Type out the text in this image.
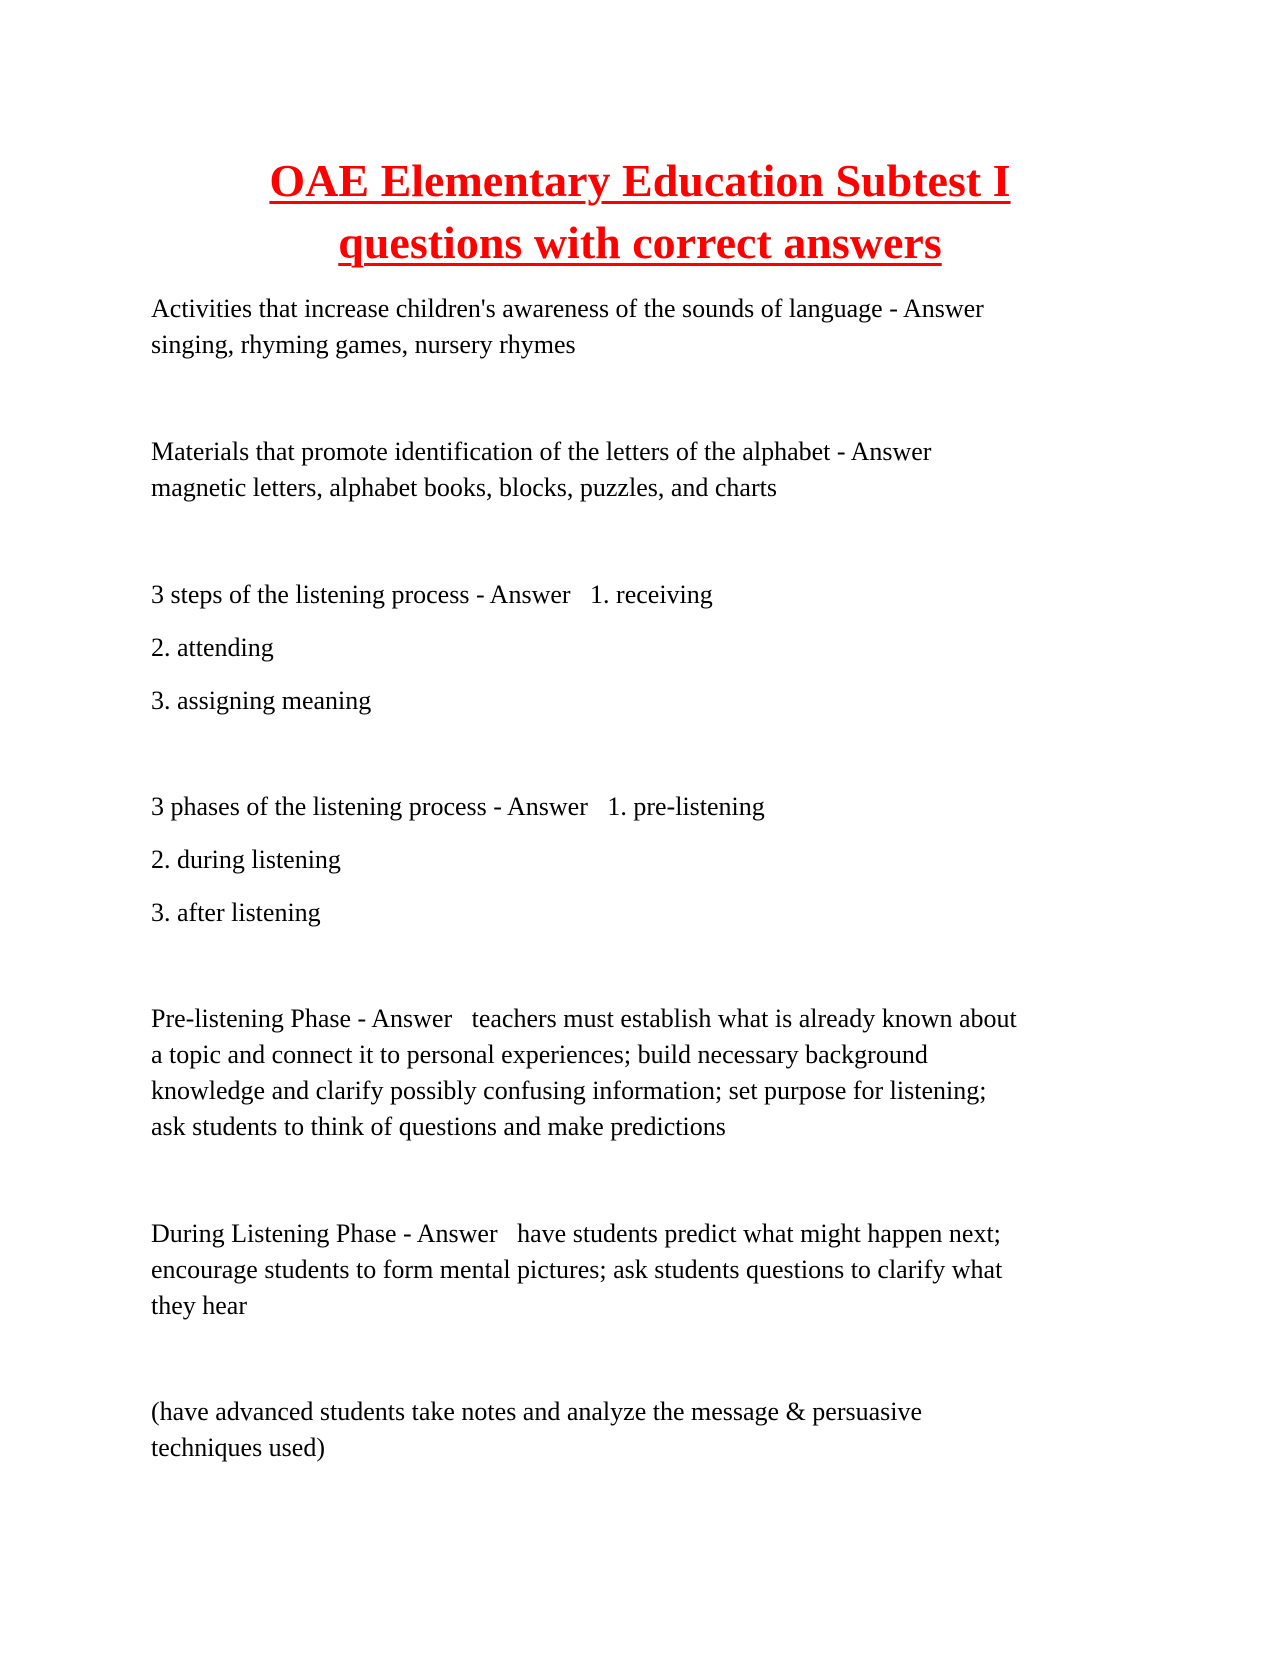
OAE Elementary Education Subtest I
questions with correct answers

Activities that increase children's awareness of the sounds of language - Answer
singing, rhyming games, nursery rhymes

Materials that promote identification of the letters of the alphabet - Answer
magnetic letters, alphabet books, blocks, puzzles, and charts

3 steps of the listening process - Answer   1. receiving

2. attending

3. assigning meaning

3 phases of the listening process - Answer   1. pre-listening

2. during listening

3. after listening

Pre-listening Phase - Answer   teachers must establish what is already known about
a topic and connect it to personal experiences; build necessary background
knowledge and clarify possibly confusing information; set purpose for listening;
ask students to think of questions and make predictions

During Listening Phase - Answer   have students predict what might happen next;
encourage students to form mental pictures; ask students questions to clarify what
they hear

(have advanced students take notes and analyze the message & persuasive
techniques used)
